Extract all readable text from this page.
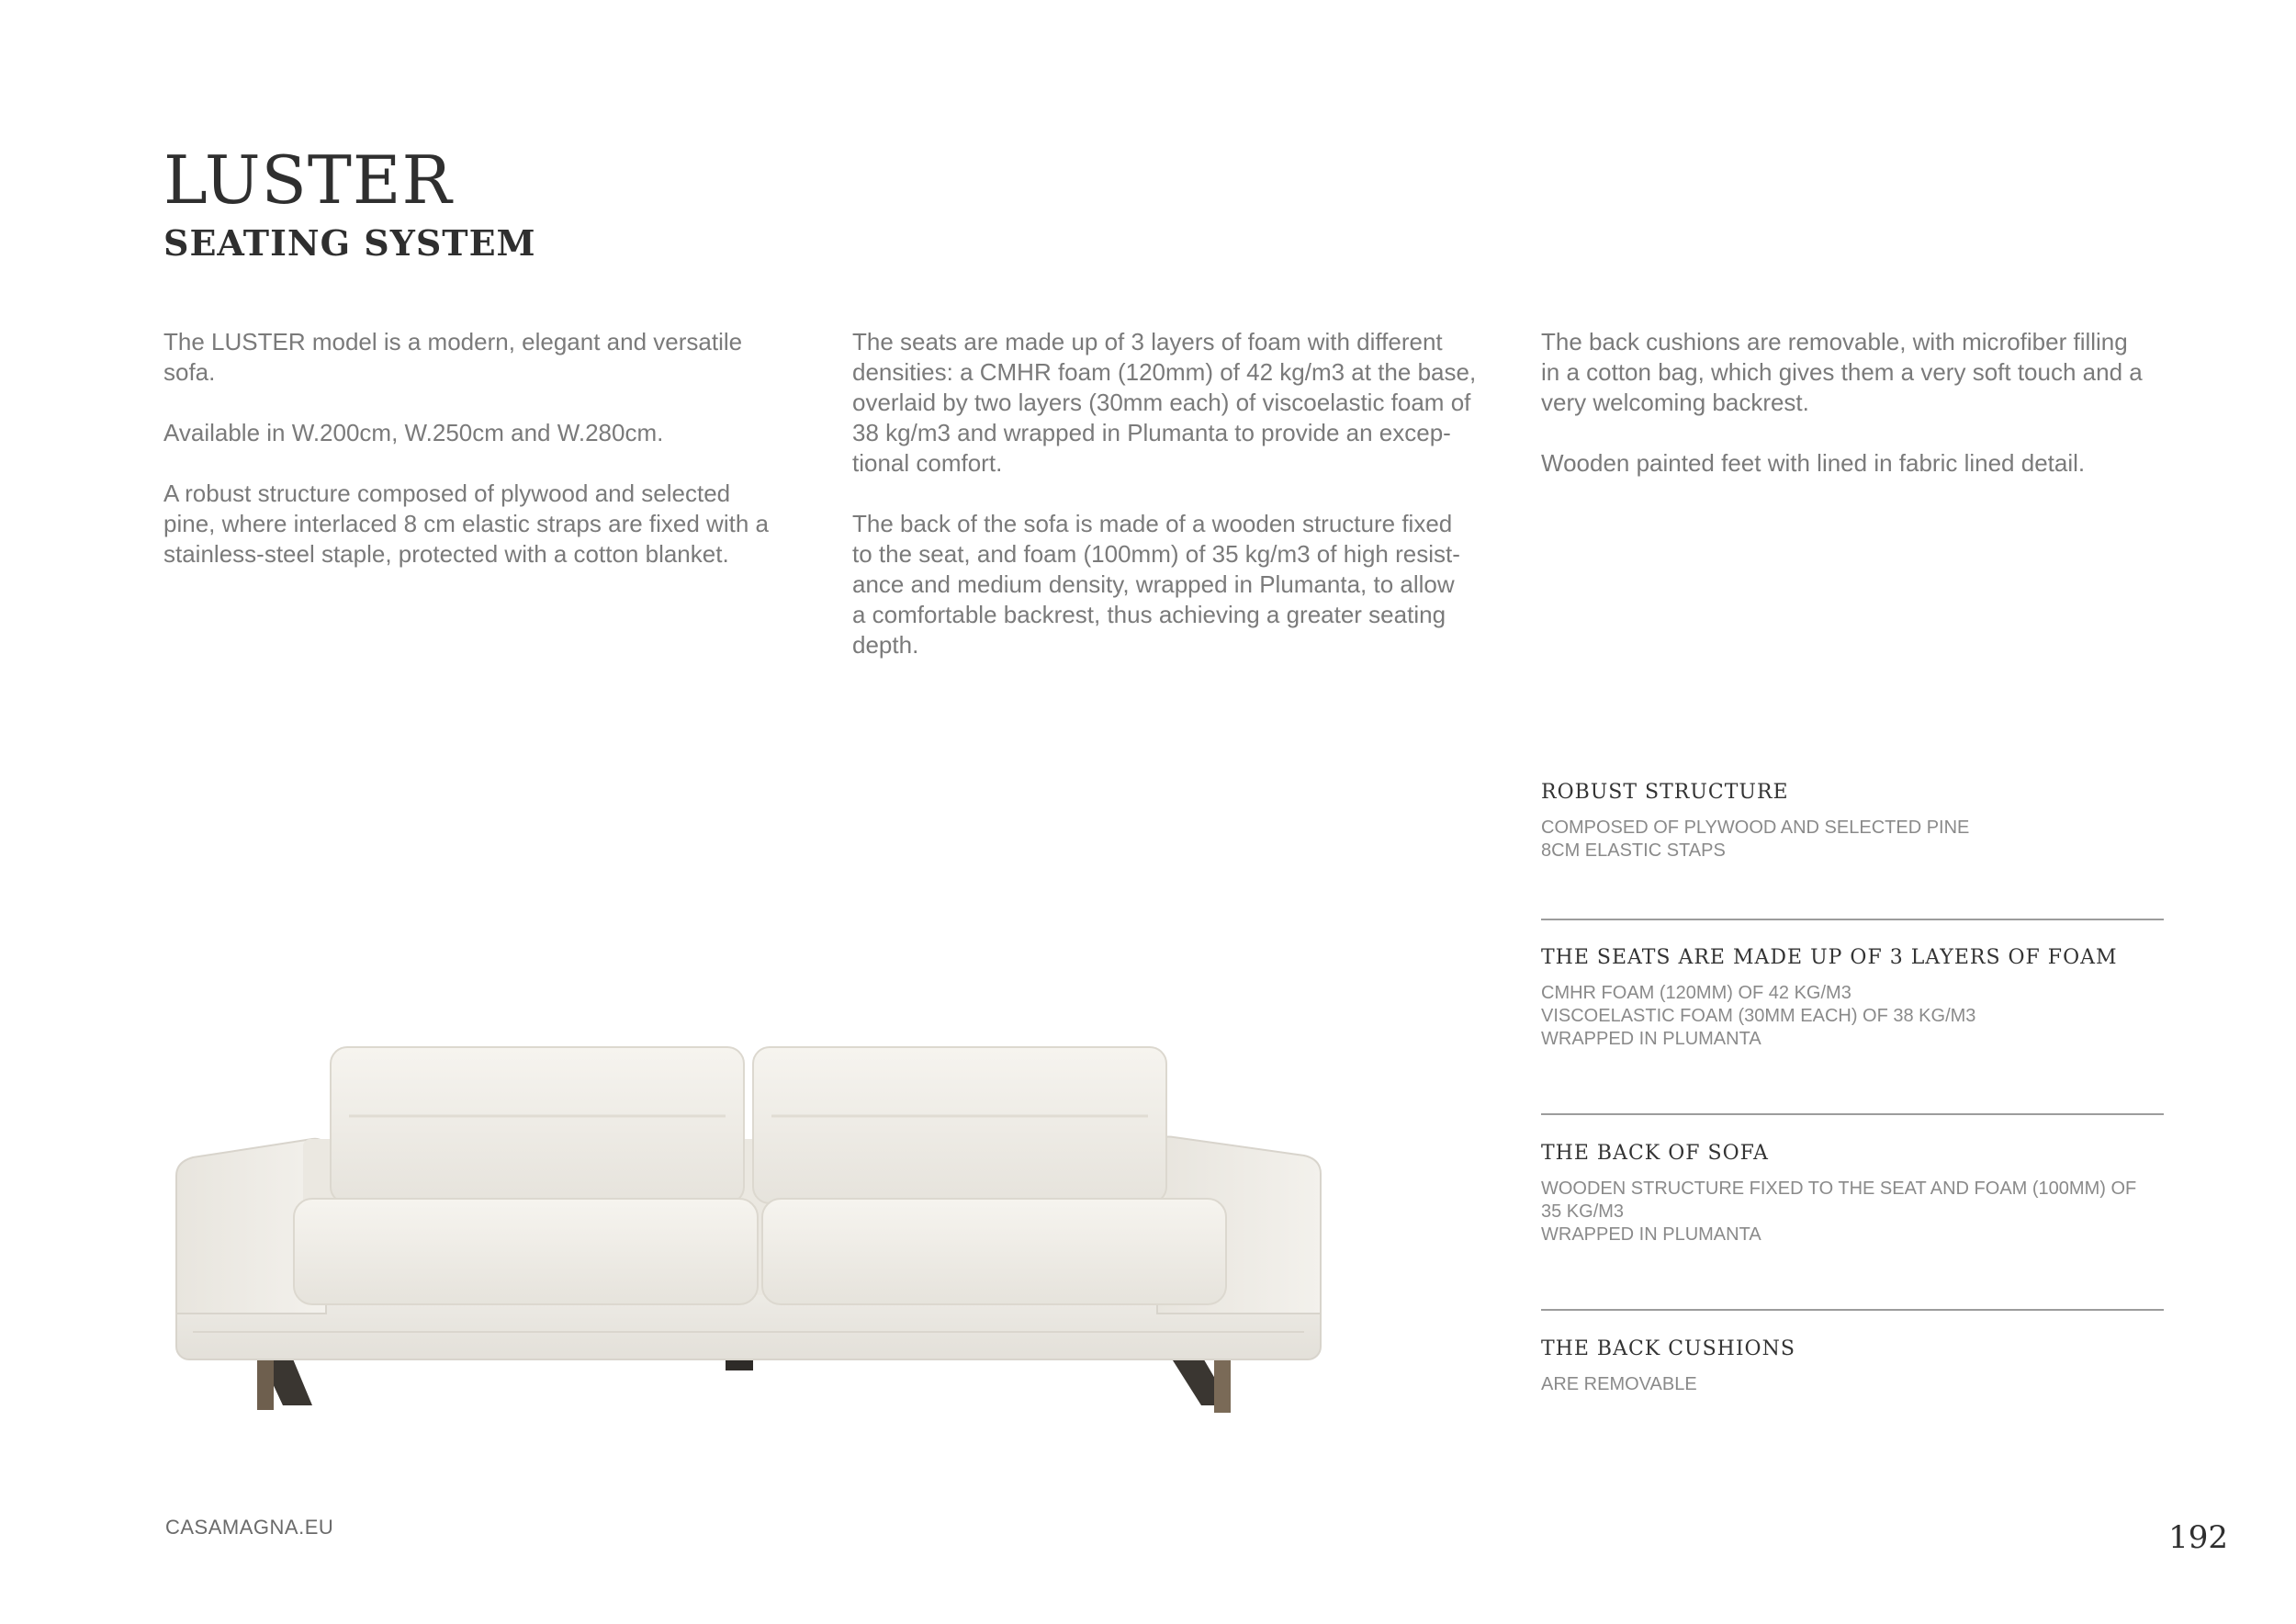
LUSTER
SEATING SYSTEM

The LUSTER model is a modern, elegant and versatile sofa.

Available in W.200cm, W.250cm and W.280cm.

A robust structure composed of plywood and selected
pine, where interlaced 8 cm elastic straps are fixed with a
stainless-steel staple, protected with a cotton blanket.

The seats are made up of 3 layers of foam with different
densities: a CMHR foam (120mm) of 42 kg/m3 at the base,
overlaid by two layers (30mm each) of viscoelastic foam of
38 kg/m3 and wrapped in Plumanta to provide an excep-
tional comfort.

The back of the sofa is made of a wooden structure fixed
to the seat, and foam (100mm) of 35 kg/m3 of high resist-
ance and medium density, wrapped in Plumanta, to allow
a comfortable backrest, thus achieving a greater seating
depth.

The back cushions are removable, with microfiber filling
in a cotton bag, which gives them a very soft touch and a
very welcoming backrest.

Wooden painted feet with lined in fabric lined detail.

ROBUST STRUCTURE
COMPOSED OF PLYWOOD AND SELECTED PINE
8CM ELASTIC STAPS
THE SEATS ARE MADE UP OF 3 LAYERS OF FOAM
CMHR FOAM (120MM) OF 42 KG/M3
VISCOELASTIC FOAM (30MM EACH) OF 38 KG/M3
WRAPPED IN PLUMANTA
THE BACK OF SOFA
WOODEN STRUCTURE FIXED TO THE SEAT AND FOAM (100MM) OF
35 KG/M3
WRAPPED IN PLUMANTA
THE BACK CUSHIONS
ARE REMOVABLE
CASAMAGNA.EU	192
